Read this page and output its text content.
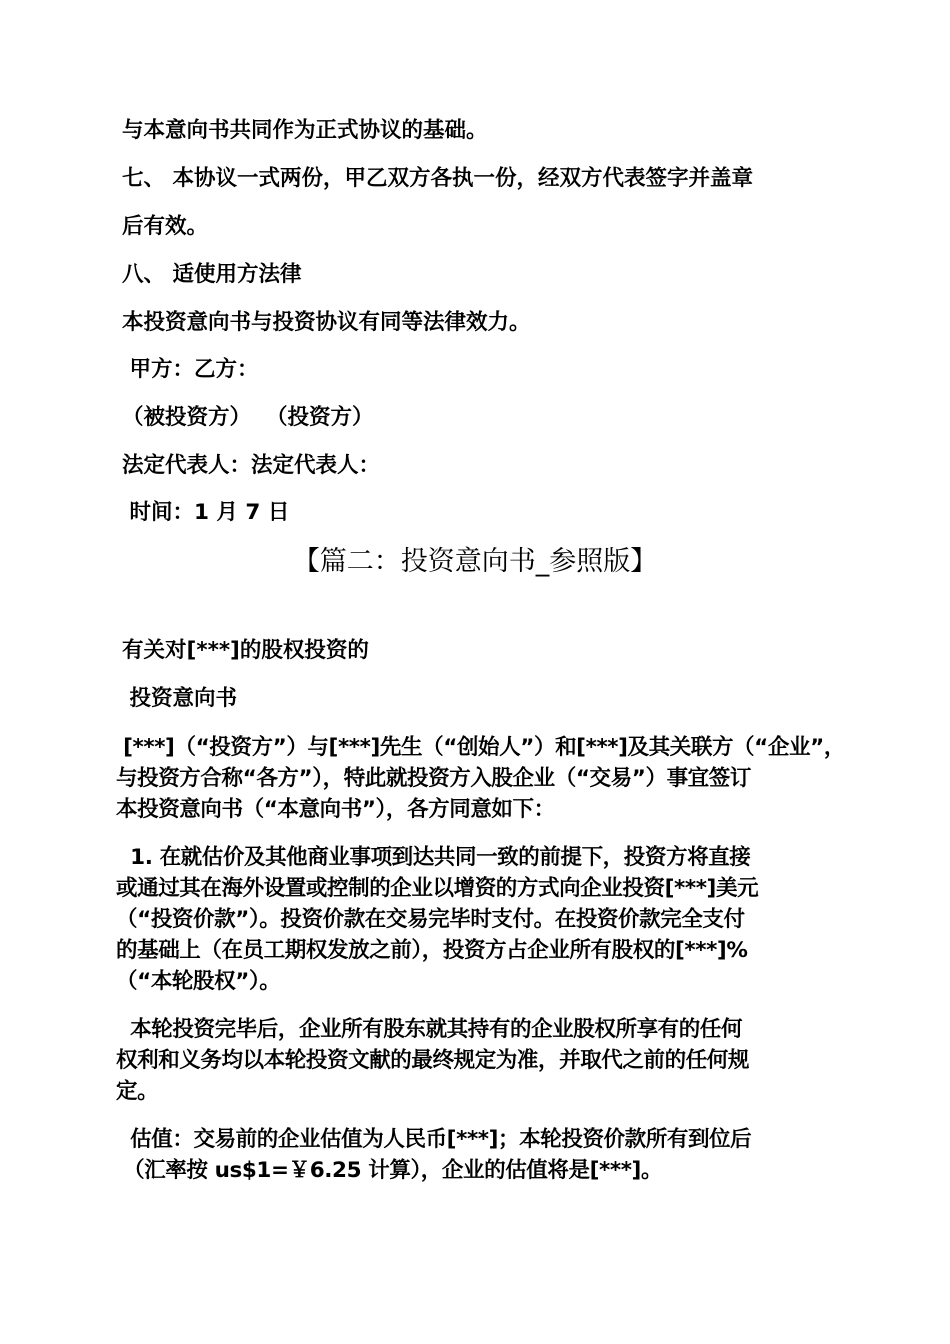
与本意向书共同作为正式协议的基础。
七、 本协议一式两份，甲乙双方各执一份，经双方代表签字并盖章
后有效。
八、 适使用方法律
本投资意向书与投资协议有同等法律效力。
甲方：乙方：
（被投资方）  （投资方）
法定代表人：法定代表人：
时间：1 月 7 日
【篇二：投资意向书_参照版】
有关对[***]的股权投资的
投资意向书
[***]（“投资方”）与[***]先生（“创始人”）和[***]及其关联方（“企业”，
与投资方合称“各方”），特此就投资方入股企业（“交易”）事宜签订
本投资意向书（“本意向书”），各方同意如下：
1. 在就估价及其他商业事项到达共同一致的前提下，投资方将直接
或通过其在海外设置或控制的企业以增资的方式向企业投资[***]美元
（“投资价款”）。投资价款在交易完毕时支付。在投资价款完全支付
的基础上（在员工期权发放之前），投资方占企业所有股权的[***]%
（“本轮股权”）。
本轮投资完毕后，企业所有股东就其持有的企业股权所享有的任何
权利和义务均以本轮投资文献的最终规定为准，并取代之前的任何规
定。
估值：交易前的企业估值为人民币[***]；本轮投资价款所有到位后
（汇率按 us$1=￥6.25 计算），企业的估值将是[***]。
